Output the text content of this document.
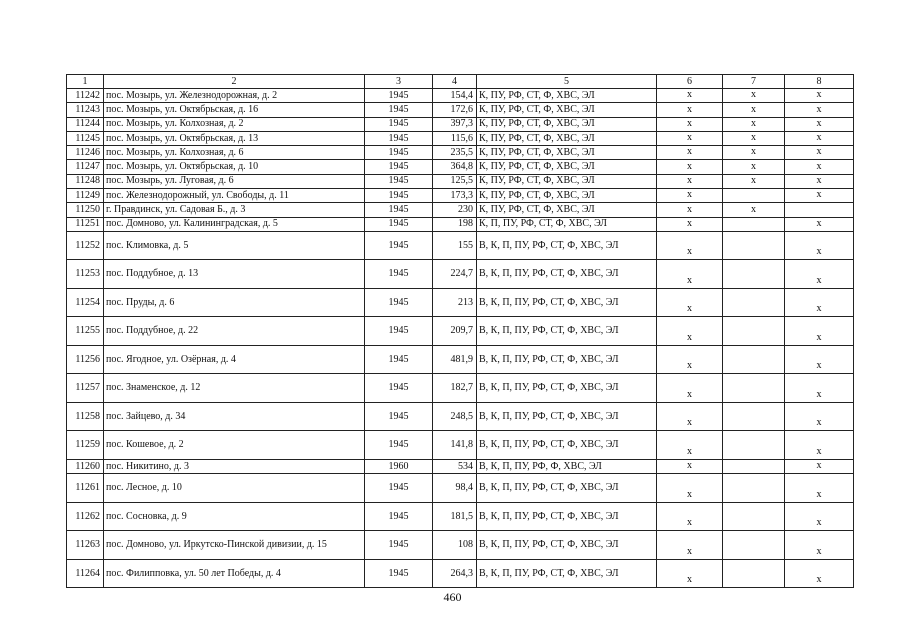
1	2	3	4	5	6	7	8
11242	пос. Мозырь, ул. Железнодорожная, д. 2	1945	154,4	К, ПУ, РФ, СТ, Ф, ХВС, ЭЛ	x	x	x
11243	пос. Мозырь, ул. Октябрьская, д. 16	1945	172,6	К, ПУ, РФ, СТ, Ф, ХВС, ЭЛ	x	x	x
11244	пос. Мозырь, ул. Колхозная, д. 2	1945	397,3	К, ПУ, РФ, СТ, Ф, ХВС, ЭЛ	x	x	x
11245	пос. Мозырь, ул. Октябрьская, д. 13	1945	115,6	К, ПУ, РФ, СТ, Ф, ХВС, ЭЛ	x	x	x
11246	пос. Мозырь, ул. Колхозная, д. 6	1945	235,5	К, ПУ, РФ, СТ, Ф, ХВС, ЭЛ	x	x	x
11247	пос. Мозырь, ул. Октябрьская, д. 10	1945	364,8	К, ПУ, РФ, СТ, Ф, ХВС, ЭЛ	x	x	x
11248	пос. Мозырь, ул. Луговая, д. 6	1945	125,5	К, ПУ, РФ, СТ, Ф, ХВС, ЭЛ	x	x	x
11249	пос. Железнодорожный, ул. Свободы, д. 11	1945	173,3	К, ПУ, РФ, СТ, Ф, ХВС, ЭЛ	x		x
11250	г. Правдинск, ул. Садовая Б., д. 3	1945	230	К, ПУ, РФ, СТ, Ф, ХВС, ЭЛ	x	x	
11251	пос. Домново, ул. Калининградская, д. 5	1945	198	К, П, ПУ, РФ, СТ, Ф, ХВС, ЭЛ	x		x
11252	пос. Климовка, д. 5	1945	155	В, К, П, ПУ, РФ, СТ, Ф, ХВС, ЭЛ	x		x
11253	пос. Поддубное, д. 13	1945	224,7	В, К, П, ПУ, РФ, СТ, Ф, ХВС, ЭЛ	x		x
11254	пос. Пруды, д. 6	1945	213	В, К, П, ПУ, РФ, СТ, Ф, ХВС, ЭЛ	x		x
11255	пос. Поддубное, д. 22	1945	209,7	В, К, П, ПУ, РФ, СТ, Ф, ХВС, ЭЛ	x		x
11256	пос. Ягодное, ул. Озёрная, д. 4	1945	481,9	В, К, П, ПУ, РФ, СТ, Ф, ХВС, ЭЛ	x		x
11257	пос. Знаменское, д. 12	1945	182,7	В, К, П, ПУ, РФ, СТ, Ф, ХВС, ЭЛ	x		x
11258	пос. Зайцево, д. 34	1945	248,5	В, К, П, ПУ, РФ, СТ, Ф, ХВС, ЭЛ	x		x
11259	пос. Кошевое, д. 2	1945	141,8	В, К, П, ПУ, РФ, СТ, Ф, ХВС, ЭЛ	x		x
11260	пос. Никитино, д. 3	1960	534	В, К, П, ПУ, РФ, Ф, ХВС, ЭЛ	x		x
11261	пос. Лесное, д. 10	1945	98,4	В, К, П, ПУ, РФ, СТ, Ф, ХВС, ЭЛ	x		x
11262	пос. Сосновка, д. 9	1945	181,5	В, К, П, ПУ, РФ, СТ, Ф, ХВС, ЭЛ	x		x
11263	пос. Домново, ул. Иркутско-Пинской дивизии, д. 15	1945	108	В, К, П, ПУ, РФ, СТ, Ф, ХВС, ЭЛ	x		x
11264	пос. Филипповка, ул. 50 лет Победы, д. 4	1945	264,3	В, К, П, ПУ, РФ, СТ, Ф, ХВС, ЭЛ	x		x
460
